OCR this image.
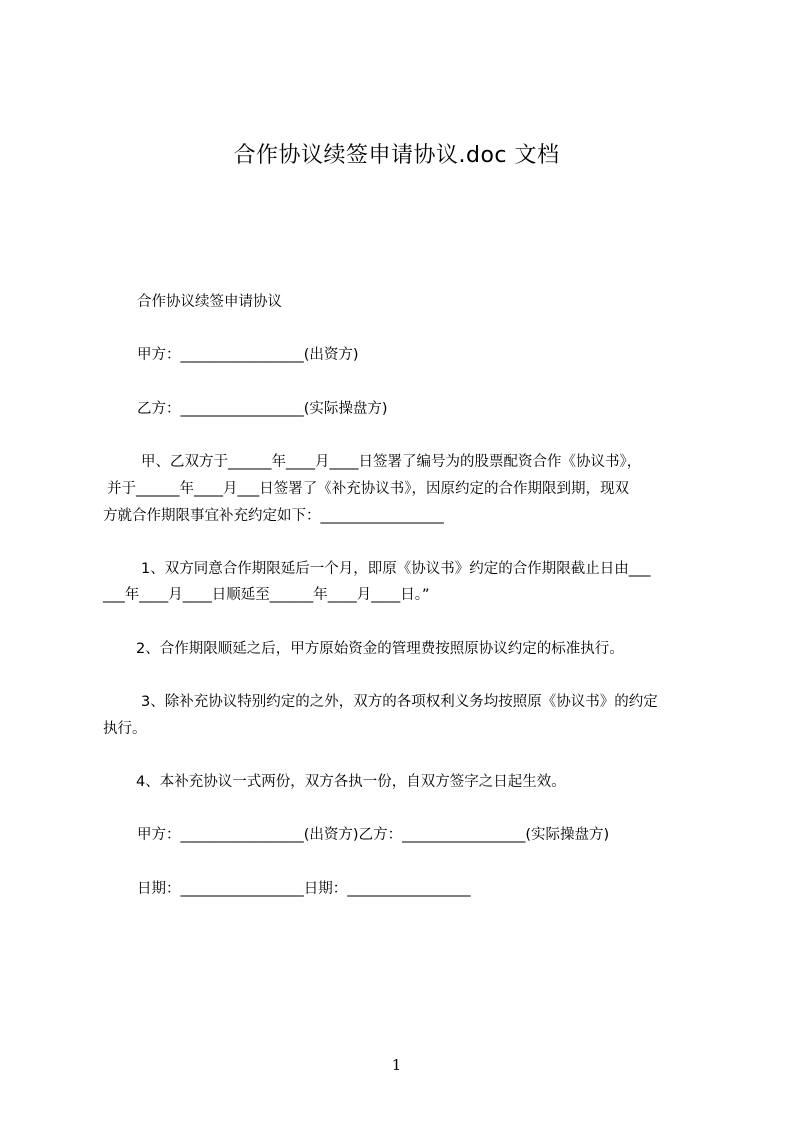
合作协议续签申请协议.doc 文档
合作协议续签申请协议
甲方：_________________(出资方)
乙方：_________________(实际操盘方)
甲、乙双方于______年____月____日签署了编号为的股票配资合作《协议书》，
并于______年____月___日签署了《补充协议书》，因原约定的合作期限到期，现双
方就合作期限事宜补充约定如下：_________________
1、双方同意合作期限延后一个月，即原《协议书》约定的合作期限截止日由___
___年____月____日顺延至______年____月____日。”
2、合作期限顺延之后，甲方原始资金的管理费按照原协议约定的标准执行。
3、除补充协议特别约定的之外，双方的各项权利义务均按照原《协议书》的约定
执行。
4、本补充协议一式两份，双方各执一份，自双方签字之日起生效。
甲方：_________________(出资方)乙方：_________________(实际操盘方)
日期：_________________日期：_________________
1
